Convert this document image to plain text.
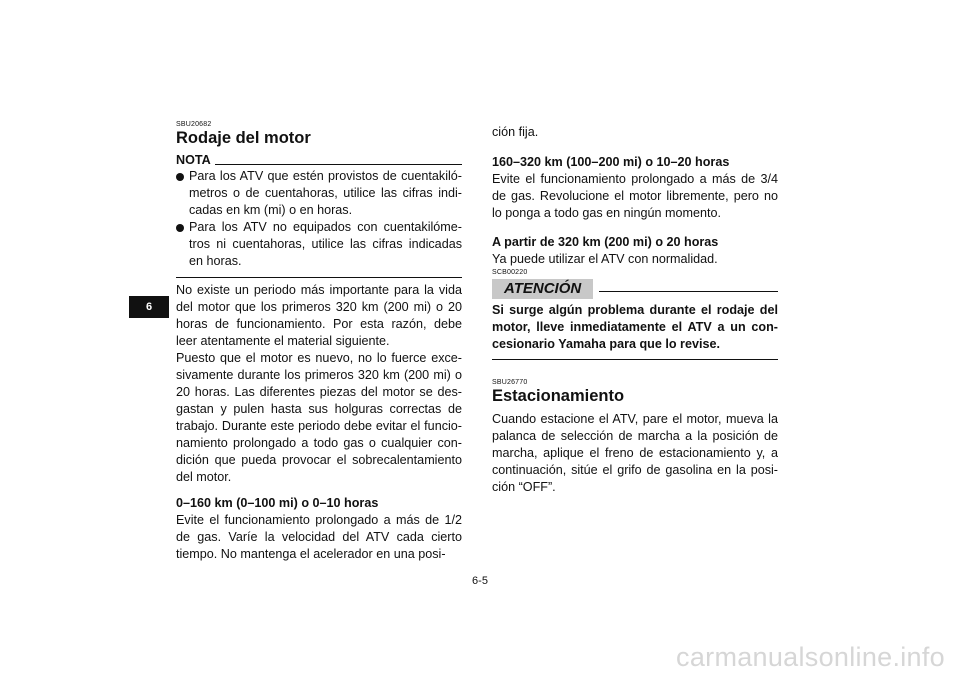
6
SBU20682
Rodaje del motor
NOTA
Para los ATV que estén provistos de cuentakiló-metros o de cuentahoras, utilice las cifras indi-cadas en km (mi) o en horas.
Para los ATV no equipados con cuentakilóme-tros ni cuentahoras, utilice las cifras indicadas en horas.

No existe un periodo más importante para la vida del motor que los primeros 320 km (200 mi) o 20 horas de funcionamiento. Por esta razón, debe leer atentamente el material siguiente.

Puesto que el motor es nuevo, no lo fuerce exce-sivamente durante los primeros 320 km (200 mi) o 20 horas. Las diferentes piezas del motor se des-gastan y pulen hasta sus holguras correctas de trabajo. Durante este periodo debe evitar el funcio-namiento prolongado a todo gas o cualquier con-dición que pueda provocar el sobrecalentamiento del motor.

0–160 km (0–100 mi) o 0–10 horas

Evite el funcionamiento prolongado a más de 1/2 de gas. Varíe la velocidad del ATV cada cierto tiempo. No mantenga el acelerador en una posi-

ción fija.

160–320 km (100–200 mi) o 10–20 horas

Evite el funcionamiento prolongado a más de 3/4 de gas. Revolucione el motor libremente, pero no lo ponga a todo gas en ningún momento.

A partir de 320 km (200 mi) o 20 horas

Ya puede utilizar el ATV con normalidad.

SCB00220
ATENCIÓN
Si surge algún problema durante el rodaje del motor, lleve inmediatamente el ATV a un con-cesionario Yamaha para que lo revise.
SBU26770
Estacionamiento

Cuando estacione el ATV, pare el motor, mueva la palanca de selección de marcha a la posición de marcha, aplique el freno de estacionamiento y, a continuación, sitúe el grifo de gasolina en la posi-ción “OFF”.

6-5
carmanualsonline.info
